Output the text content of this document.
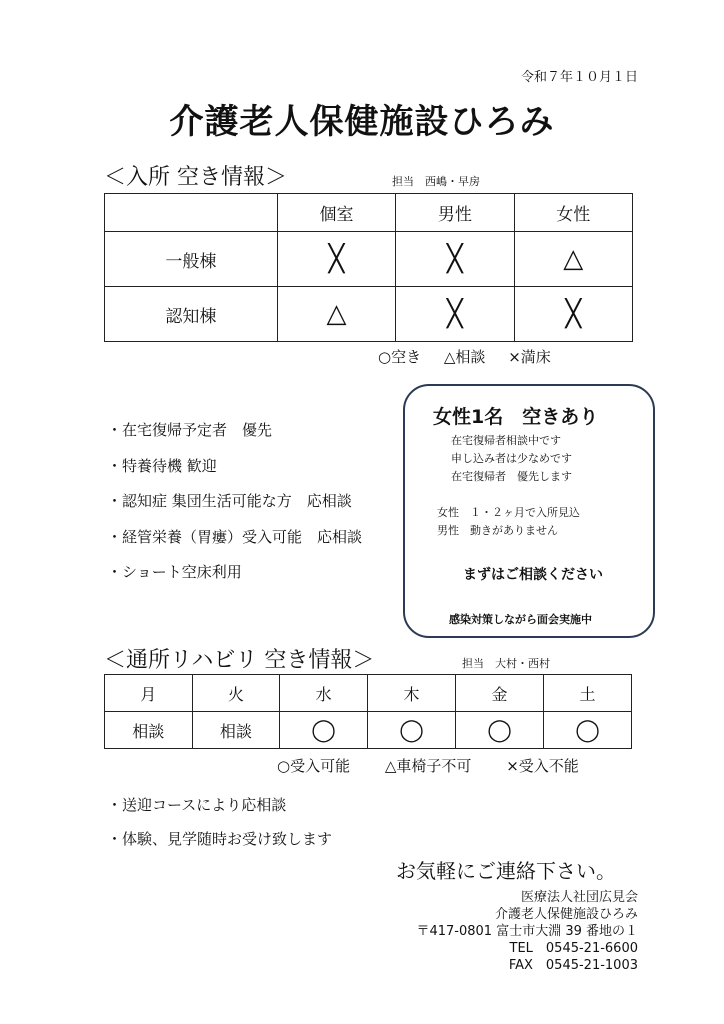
令和７年１０月１日
介護老人保健施設ひろみ
＜入所 空き情報＞	担当　西嶋・早房
	個室	男性	女性
一般棟	╳	╳	△
認知棟	△	╳	╳
○空き △相談 ×満床
・在宅復帰予定者　優先
・特養待機 歓迎
・認知症 集団生活可能な方　応相談
・経管栄養（胃瘻）受入可能　応相談
・ショート空床利用
女性1名　空きあり
在宅復帰者相談中です
申し込み者は少なめです
在宅復帰者　優先します
女性　１・２ヶ月で入所見込
男性　動きがありません
まずはご相談ください
感染対策しながら面会実施中
＜通所リハビリ 空き情報＞	担当　大村・西村
月	火	水	木	金	土
相談	相談	◯	◯	◯	◯
○受入可能 △車椅子不可 ×受入不能
・送迎コースにより応相談
・体験、見学随時お受け致します
お気軽にご連絡下さい。
医療法人社団広見会
介護老人保健施設ひろみ
〒417-0801 富士市大淵 39 番地の１
TEL　0545-21-6600
FAX　0545-21-1003
